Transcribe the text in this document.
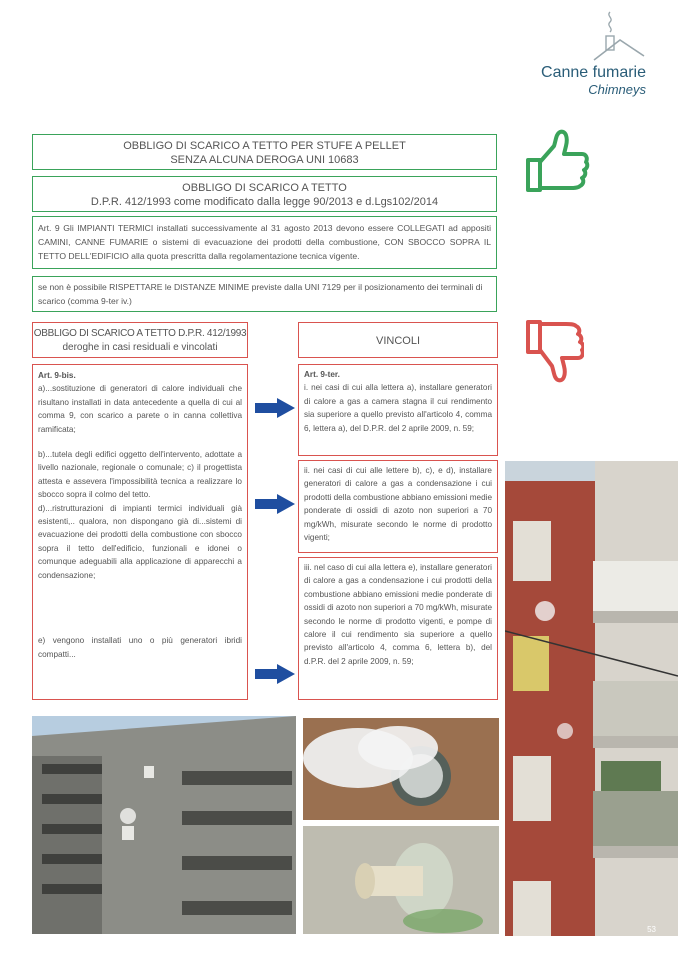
Canne fumarie
Chimneys
OBBLIGO DI SCARICO A TETTO PER STUFE A PELLET
SENZA ALCUNA DEROGA UNI 10683
OBBLIGO DI SCARICO A TETTO
D.P.R. 412/1993 come modificato dalla legge 90/2013 e d.Lgs102/2014
Art. 9 Gli IMPIANTI TERMICI installati successivamente al 31 agosto 2013 devono essere COLLEGATI ad appositi CAMINI, CANNE FUMARIE o sistemi di evacuazione dei prodotti della combustione, CON SBOCCO SOPRA IL TETTO DELL'EDIFICIO alla quota prescritta dalla regolamentazione tecnica vigente.
se non è possibile RISPETTARE le DISTANZE MINIME previste dalla UNI 7129 per il posizionamento dei terminali di scarico (comma 9-ter iv.)
OBBLIGO DI SCARICO A TETTO D.P.R. 412/1993
deroghe in casi residuali e vincolati
VINCOLI
Art. 9-bis.
a)...sostituzione di generatori di calore individuali che risultano installati in data antecedente a quella di cui al comma 9, con scarico a parete o in canna collettiva ramificata;
b)...tutela degli edifici oggetto dell'intervento, adottate a livello nazionale, regionale o comunale; c) il progettista attesta e assevera l'impossibilità tecnica a realizzare lo sbocco sopra il colmo del tetto.
d)...ristrutturazioni di impianti termici individuali già esistenti,.. qualora, non dispongano già di...sistemi di evacuazione dei prodotti della combustione con sbocco sopra il tetto dell'edificio, funzionali e idonei o comunque adeguabili alla applicazione di apparecchi a condensazione;
e) vengono installati uno o più generatori ibridi compatti...
Art. 9-ter.
i. nei casi di cui alla lettera a), installare generatori di calore a gas a camera stagna il cui rendimento sia superiore a quello previsto all'articolo 4, comma 6, lettera a), del D.P.R. del 2 aprile 2009, n. 59;
ii. nei casi di cui alle lettere b), c), e d), installare generatori di calore a gas a condensazione i cui prodotti della combustione abbiano emissioni medie ponderate di ossidi di azoto non superiori a 70 mg/kWh, misurate secondo le norme di prodotto vigenti;
iii. nel caso di cui alla lettera e), installare generatori di calore a gas a condensazione i cui prodotti della combustione abbiano emissioni medie ponderate di ossidi di azoto non superiori a 70 mg/kWh, misurate secondo le norme di prodotto vigenti, e pompe di calore il cui rendimento sia superiore a quello previsto all'articolo 4, comma 6, lettera b), del d.P.R. del 2 aprile 2009, n. 59;
53
